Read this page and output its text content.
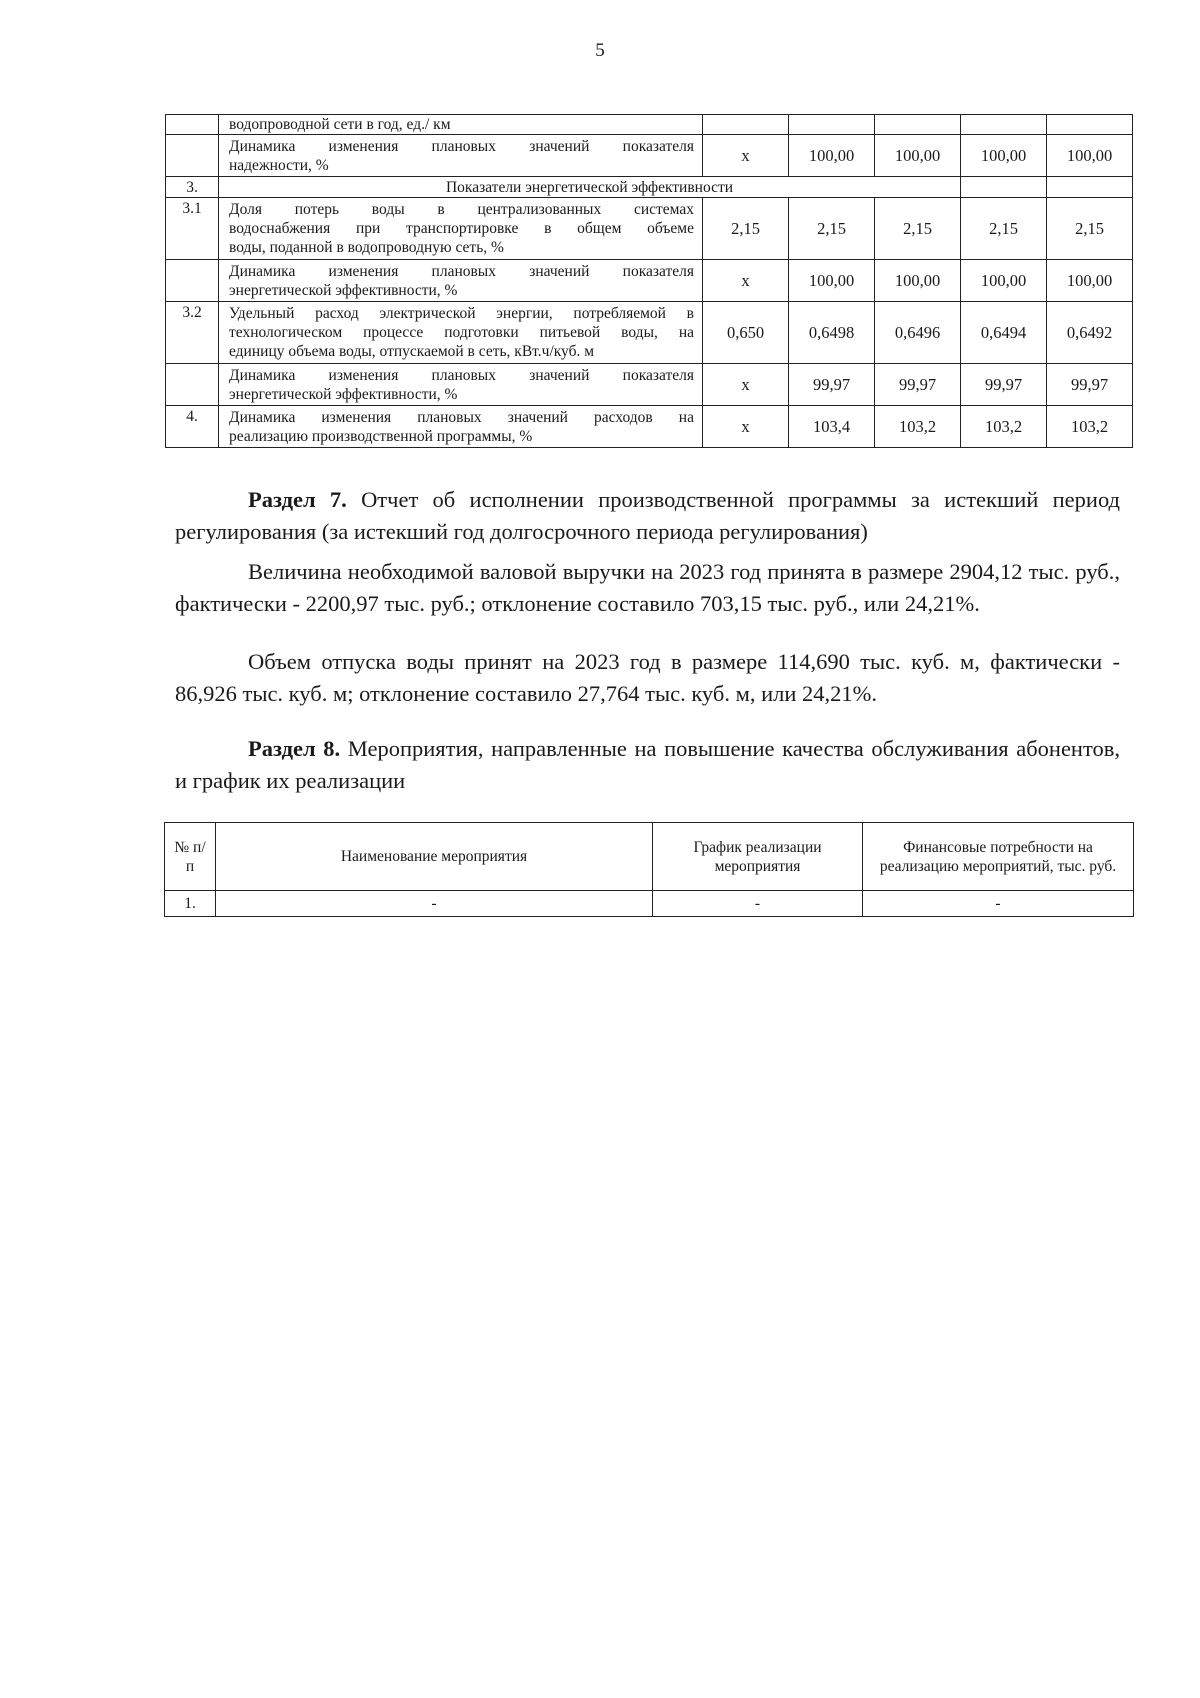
5

	водопроводной сети в год, ед./ км					

	Динамика изменения плановых значений показателя
надежности, %	x	100,00	100,00	100,00	100,00
3.	Показатели энергетической эффективности					
3.1	Доля потерь воды в централизованных системах
водоснабжения при транспортировке в общем объеме
воды, поданной в водопроводную сеть, %	2,15	2,15	2,15	2,15	2,15

	Динамика изменения плановых значений показателя
энергетической эффективности, %	x	100,00	100,00	100,00	100,00
3.2	Удельный расход электрической энергии, потребляемой в
технологическом процессе подготовки питьевой воды, на
единицу объема воды, отпускаемой в сеть, кВт.ч/куб. м	0,650	0,6498	0,6496	0,6494	0,6492

	Динамика изменения плановых значений показателя
энергетической эффективности, %	x	99,97	99,97	99,97	99,97
4.	Динамика изменения плановых значений расходов на
реализацию производственной программы, %	x	103,4	103,2	103,2	103,2
Раздел 7. Отчет об исполнении производственной программы за истекший период регулирования (за истекший год долгосрочного периода регулирования)
Величина необходимой валовой выручки на 2023 год принята в размере 2904,12 тыс. руб., фактически - 2200,97 тыс. руб.; отклонение составило 703,15 тыс. руб., или 24,21%.
Объем отпуска воды принят на 2023 год в размере 114,690 тыс. куб. м, фактически - 86,926 тыс. куб. м; отклонение составило 27,764 тыс. куб. м, или 24,21%.
Раздел 8. Мероприятия, направленные на повышение качества обслуживания абонентов, и график их реализации
№ п/п	Наименование мероприятия	График реализации мероприятия	Финансовые потребности на реализацию мероприятий, тыс. руб.
1.	-	-	-
